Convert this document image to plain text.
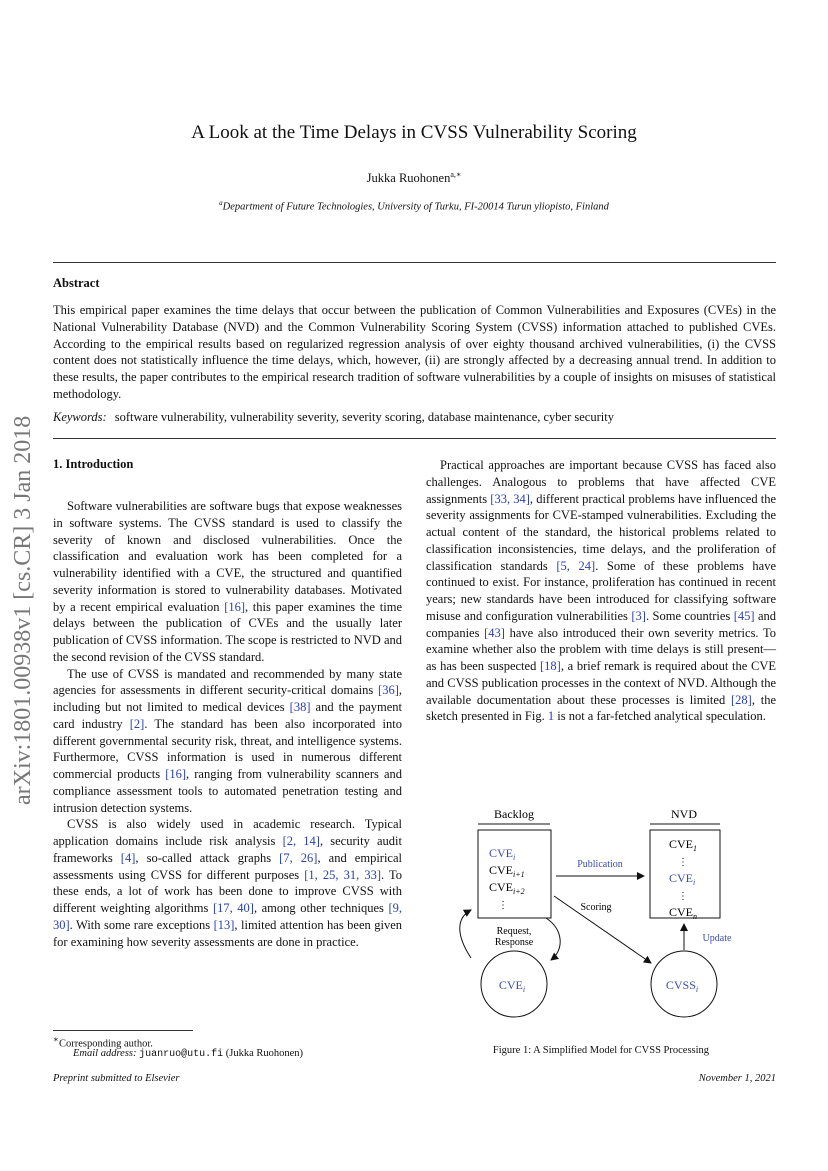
arXiv:1801.00938v1 [cs.CR] 3 Jan 2018
A Look at the Time Delays in CVSS Vulnerability Scoring
Jukka Ruohonen$^{a,∗}$
$^a$Department of Future Technologies, University of Turku, FI-20014 Turun yliopisto, Finland
Abstract
This empirical paper examines the time delays that occur between the publication of Common Vulnerabilities and Exposures (CVEs) in the National Vulnerability Database (NVD) and the Common Vulnerability Scoring System (CVSS) information attached to published CVEs. According to the empirical results based on regularized regression analysis of over eighty thousand archived vulnerabilities, (i) the CVSS content does not statistically influence the time delays, which, however, (ii) are strongly affected by a decreasing annual trend. In addition to these results, the paper contributes to the empirical research tradition of software vulnerabilities by a couple of insights on misuses of statistical methodology.
Keywords: software vulnerability, vulnerability severity, severity scoring, database maintenance, cyber security
1. Introduction

Software vulnerabilities are software bugs that expose weaknesses in software systems. The CVSS standard is used to classify the severity of known and disclosed vulnerabilities. Once the classification and evaluation work has been completed for a vulnerability identified with a CVE, the structured and quantified severity information is stored to vulnerability databases. Motivated by a recent empirical evaluation [16], this paper examines the time delays between the publication of CVEs and the usually later publication of CVSS information. The scope is restricted to NVD and the second revision of the CVSS standard.

The use of CVSS is mandated and recommended by many state agencies for assessments in different security-critical domains [36], including but not limited to medical devices [38] and the payment card industry [2]. The standard has been also incorporated into different governmental security risk, threat, and intelligence systems. Furthermore, CVSS information is used in numerous different commercial products [16], ranging from vulnerability scanners and compliance assessment tools to automated penetration testing and intrusion detection systems.

CVSS is also widely used in academic research. Typical application domains include risk analysis [2, 14], security audit frameworks [4], so-called attack graphs [7, 26], and empirical assessments using CVSS for different purposes [1, 25, 31, 33]. To these ends, a lot of work has been done to improve CVSS with different weighting algorithms [17, 40], among other techniques [9, 30]. With some rare exceptions [13], limited attention has been given for examining how severity assessments are done in practice.

Practical approaches are important because CVSS has faced also challenges. Analogous to problems that have affected CVE assignments [33, 34], different practical problems have influenced the severity assignments for CVE-stamped vulnerabilities. Excluding the actual content of the standard, the historical problems related to classification inconsistencies, time delays, and the proliferation of classification standards [5, 24]. Some of these problems have continued to exist. For instance, proliferation has continued in recent years; new standards have been introduced for classifying software misuse and configuration vulnerabilities [3]. Some countries [45] and companies [43] have also introduced their own severity metrics. To examine whether also the problem with time delays is still present—as has been suspected [18], a brief remark is required about the CVE and CVSS publication processes in the context of NVD. Although the available documentation about these processes is limited [28], the sketch presented in Fig. 1 is not a far-fetched analytical speculation.

Backlog
$CVE_i$
$CVE_{i+1}$
$CVE_{i+2}$
⋮
NVD
$CVE_1$
⋮
$CVE_i$
⋮
$CVE_n$
Publication
Scoring
Update
Request,
Response
$CVE_i$	$CVSS_i$
Figure 1: A Simplified Model for CVSS Processing
∗Corresponding author.
Email address: juanruo@utu.fi (Jukka Ruohonen)
Preprint submitted to Elsevier	November 1, 2021
